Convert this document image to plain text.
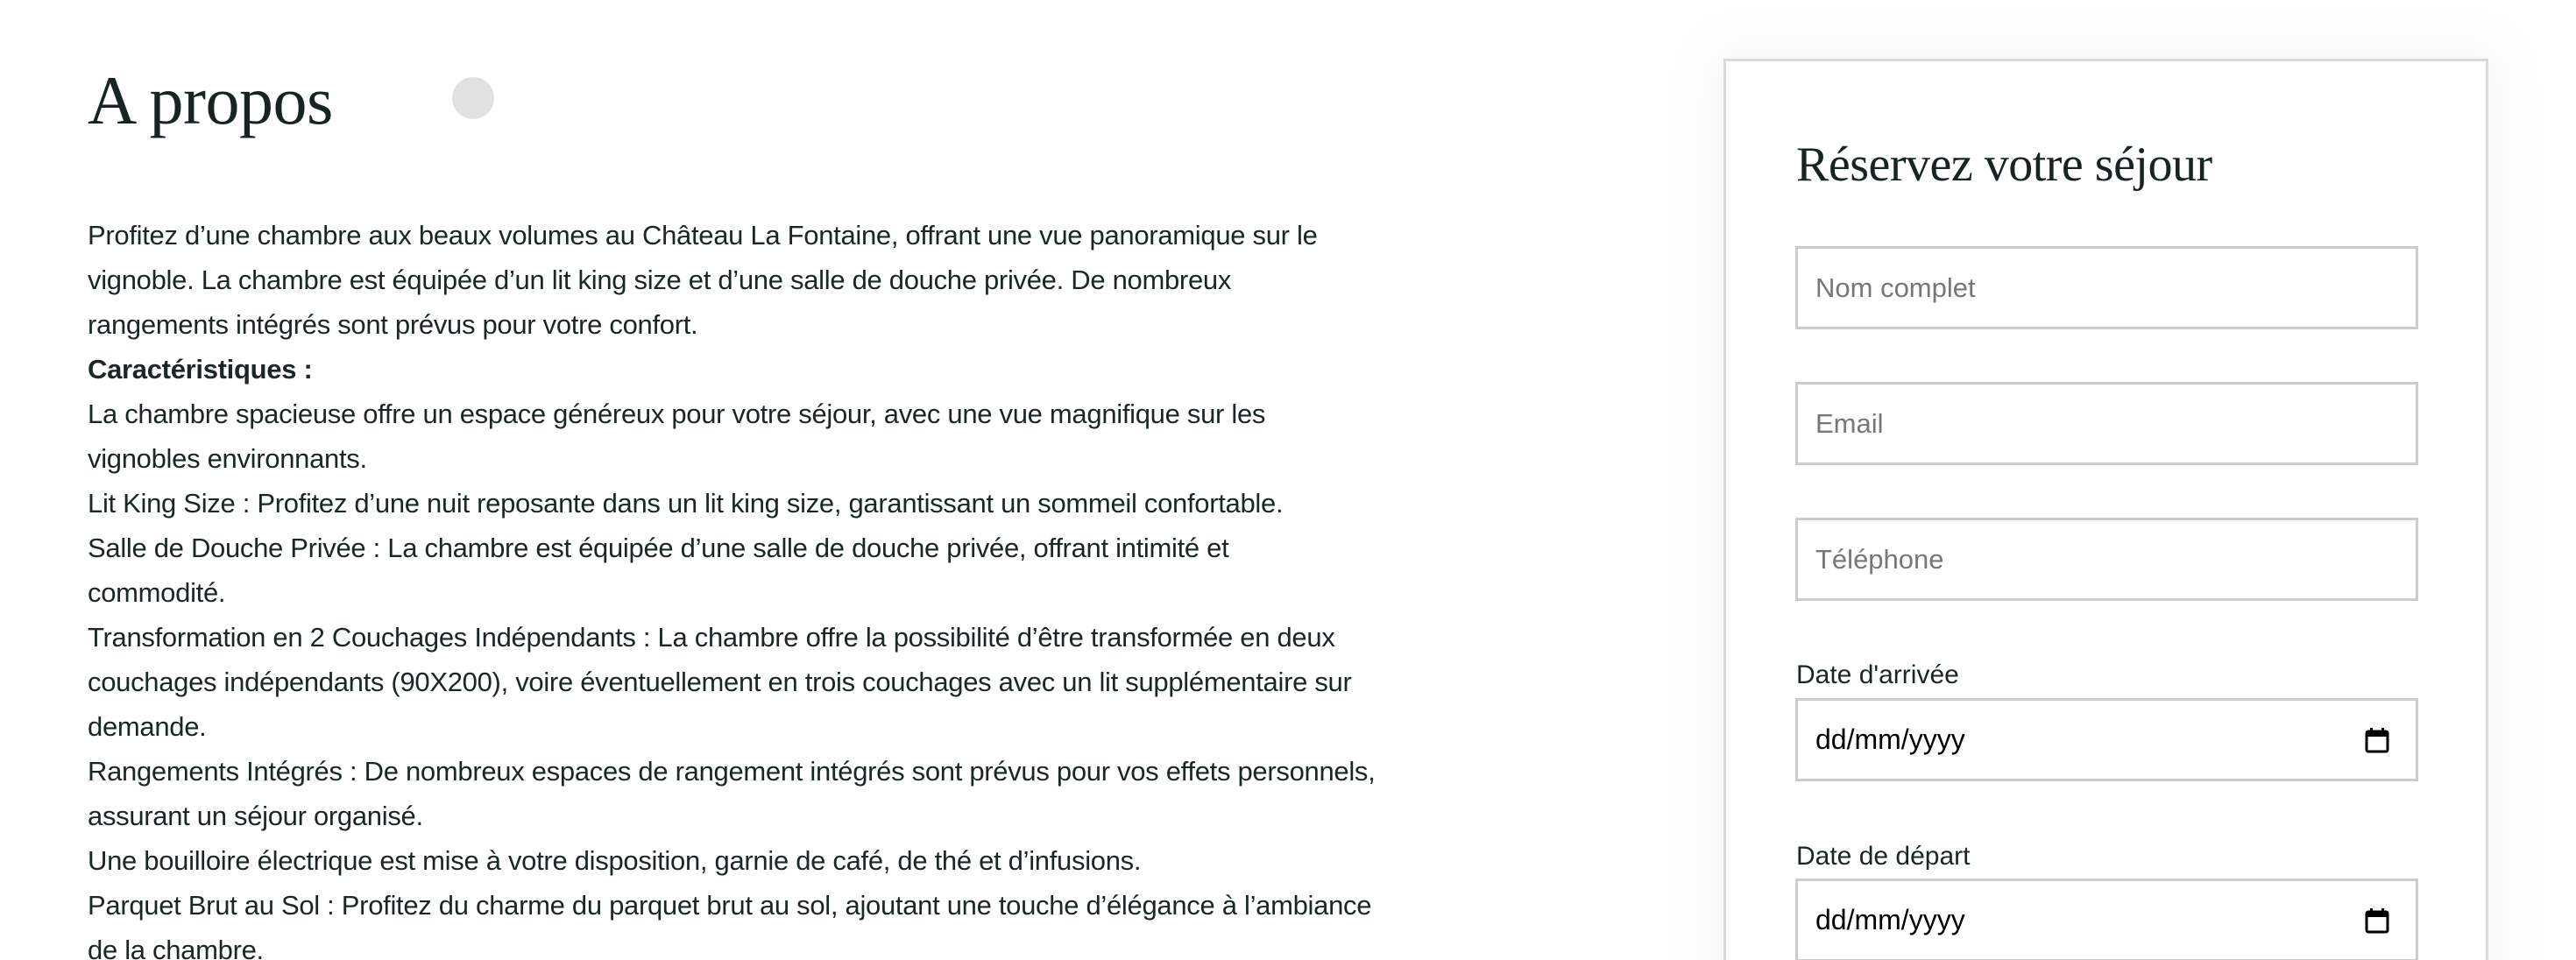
A propos
Profitez d’une chambre aux beaux volumes au Château La Fontaine, offrant une vue panoramique sur le
vignoble. La chambre est équipée d’un lit king size et d’une salle de douche privée. De nombreux
rangements intégrés sont prévus pour votre confort.
Caractéristiques :
La chambre spacieuse offre un espace généreux pour votre séjour, avec une vue magnifique sur les
vignobles environnants.
Lit King Size : Profitez d’une nuit reposante dans un lit king size, garantissant un sommeil confortable.
Salle de Douche Privée : La chambre est équipée d’une salle de douche privée, offrant intimité et
commodité.
Transformation en 2 Couchages Indépendants : La chambre offre la possibilité d’être transformée en deux
couchages indépendants (90X200), voire éventuellement en trois couchages avec un lit supplémentaire sur
demande.
Rangements Intégrés : De nombreux espaces de rangement intégrés sont prévus pour vos effets personnels,
assurant un séjour organisé.
Une bouilloire électrique est mise à votre disposition, garnie de café, de thé et d’infusions.
Parquet Brut au Sol : Profitez du charme du parquet brut au sol, ajoutant une touche d’élégance à l’ambiance
de la chambre.
Réservez votre séjour
Nom complet
Email
Téléphone
Date d'arrivée
dd/mm/yyyy
Date de départ
dd/mm/yyyy
